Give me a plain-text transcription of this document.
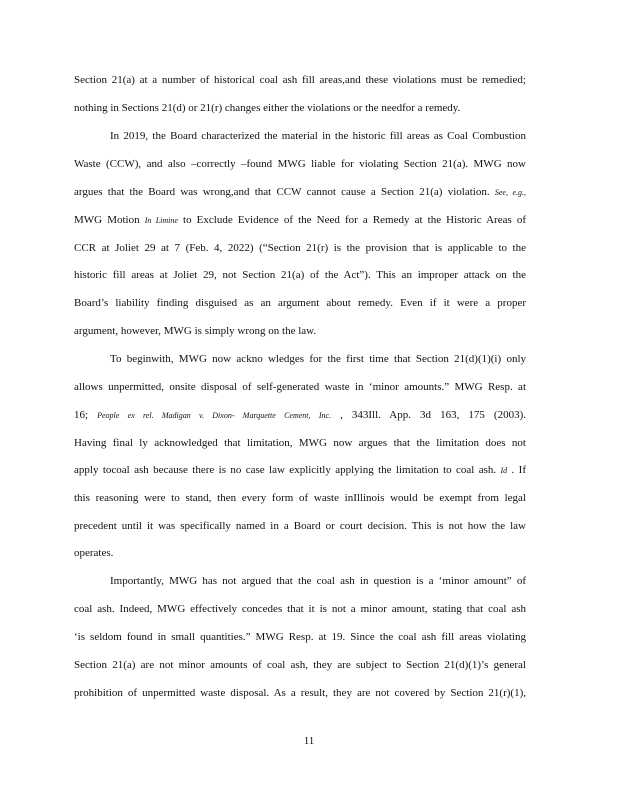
Section 21(a) at a number of historical coal ash fill areas,and these violations must be remedied;
nothing in Sections 21(d) or 21(r) changes either the violations or the needfor a remedy.
In 2019, the Board characterized the material in the historic fill areas as Coal Combustion
Waste (CCW), and also –correctly –found MWG liable for violating Section 21(a). MWG now
argues that the Board was wrong,and that CCW cannot cause a Section 21(a) violation. See, e.g.,
MWG Motion In Limine to Exclude Evidence of the Need for a Remedy at the Historic Areas of
CCR at Joliet 29 at 7 (Feb. 4, 2022) (“Section 21(r) is the provision that is applicable to the
historic fill areas at Joliet 29, not Section 21(a) of the Act”). This an improper attack on the
Board’s liability finding disguised as an argument about remedy. Even if it were a proper
argument, however, MWG is simply wrong on the law.
To beginwith, MWG now ackno wledges for the first time that Section 21(d)(1)(i) only
allows unpermitted, onsite disposal of self-generated waste in ‘minor amounts.” MWG Resp. at
16; People ex rel. Madigan v. Dixon- Marquette Cement, Inc. , 343Ill. App. 3d 163, 175 (2003).
Having final ly acknowledged that limitation, MWG now argues that the limitation does not
apply tocoal ash because there is no case law explicitly applying the limitation to coal ash. Id . If
this reasoning were to stand, then every form of waste inIllinois would be exempt from legal
precedent until it was specifically named in a Board or court decision. This is not how the law
operates.
Importantly, MWG has not argued that the coal ash in question is a ‘minor amount” of
coal ash. Indeed, MWG effectively concedes that it is not a minor amount, stating that coal ash
‘is seldom found in small quantities.” MWG Resp. at 19. Since the coal ash fill areas violating
Section 21(a) are not minor amounts of coal ash, they are subject to Section 21(d)(1)’s general
prohibition of unpermitted waste disposal. As a result, they are not covered by Section 21(r)(1),
11
